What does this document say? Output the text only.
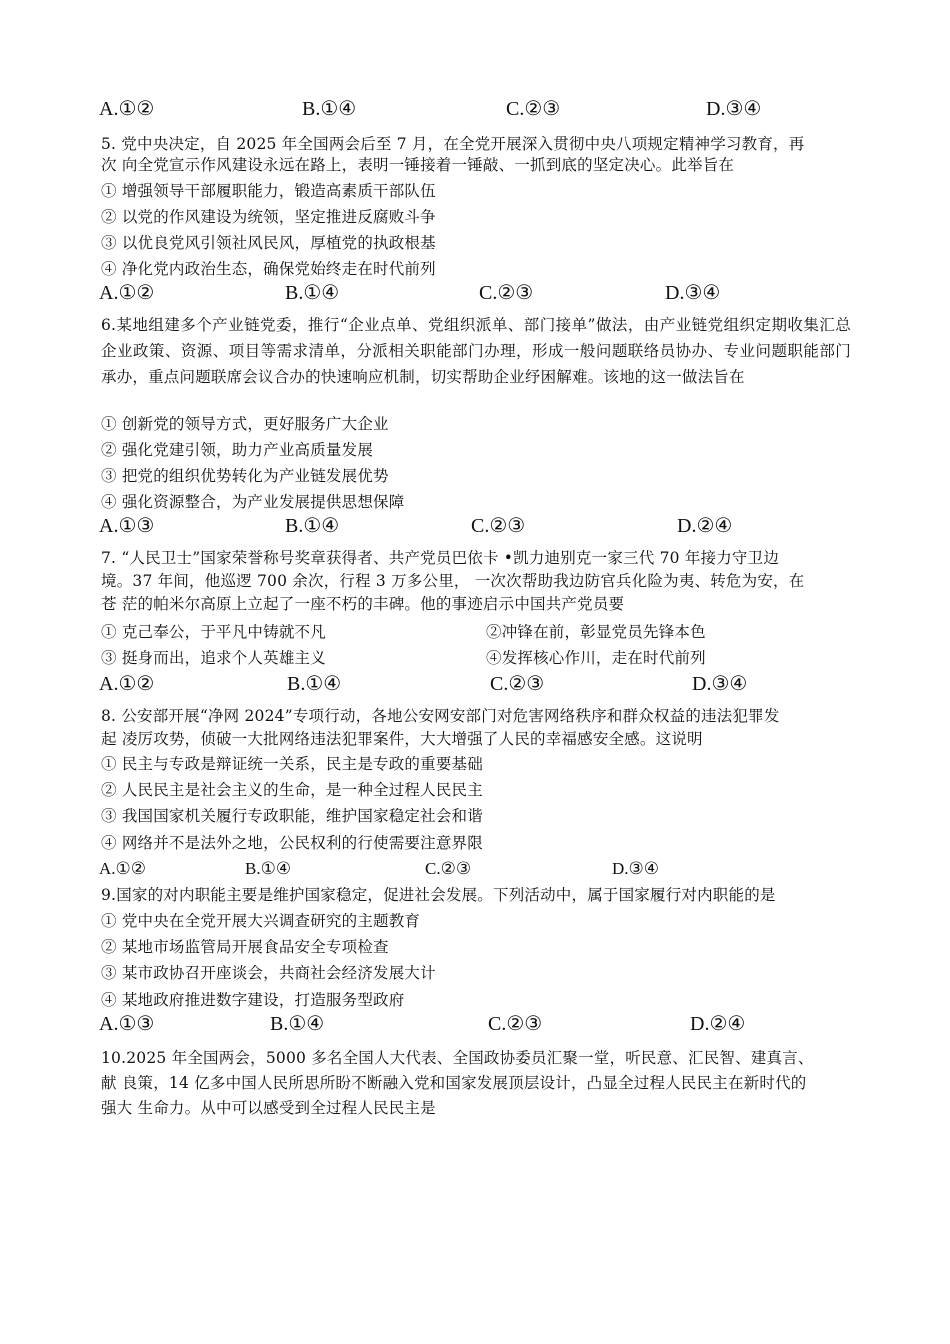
A.①②	B.①④	C.②③	D.③④
5. 党中央决定，自 2025 年全国两会后至 7 月，在全党开展深入贯彻中央八项规定精神学习教育，再
次 向全党宣示作风建设永远在路上，表明一锤接着一锤敲、一抓到底的坚定决心。此举旨在
① 增强领导干部履职能力，锻造高素质干部队伍
② 以党的作风建设为统领，坚定推进反腐败斗争
③ 以优良党风引领社风民风，厚植党的执政根基
④ 净化党内政治生态，确保党始终走在时代前列
A.①②	B.①④	C.②③	D.③④
6.某地组建多个产业链党委，推行“企业点单、党组织派单、部门接单”做法，由产业链党组织定期收集汇总企业政策、资源、项目等需求清单，分派相关职能部门办理，形成一般问题联络员协办、专业问题职能部门承办，重点问题联席会议合办的快速响应机制，切实帮助企业纾困解难。该地的这一做法旨在
① 创新党的领导方式，更好服务广大企业
② 强化党建引领，助力产业高质量发展
③ 把党的组织优势转化为产业链发展优势
④ 强化资源整合，为产业发展提供思想保障
A.①③	B.①④	C.②③	D.②④
7. “人民卫士”国家荣誉称号奖章获得者、共产党员巴依卡 •凯力迪别克一家三代 70 年接力守卫边
境。37 年间，他巡逻 700 余次，行程 3 万多公里， 一次次帮助我边防官兵化险为夷、转危为安，在
苍 茫的帕米尔高原上立起了一座不朽的丰碑。他的事迹启示中国共产党员要
① 克己奉公，于平凡中铸就不凡	②冲锋在前，彰显党员先锋本色
③ 挺身而出，追求个人英雄主义	④发挥核心作川，走在时代前列
A.①②	B.①④	C.②③	D.③④
8. 公安部开展“净网 2024”专项行动，各地公安网安部门对危害网络秩序和群众权益的违法犯罪发
起 凌厉攻势，侦破一大批网络违法犯罪案件，大大增强了人民的幸福感安全感。这说明
① 民主与专政是辩证统一关系，民主是专政的重要基础
② 人民民主是社会主义的生命，是一种全过程人民民主
③ 我国国家机关履行专政职能，维护国家稳定社会和谐
④ 网络并不是法外之地，公民权利的行使需要注意界限
A.①②	B.①④	C.②③	D.③④
9.国家的对内职能主要是维护国家稳定，促进社会发展。下列活动中，属于国家履行对内职能的是
① 党中央在全党开展大兴调查研究的主题教育
② 某地市场监管局开展食品安全专项检查
③ 某市政协召开座谈会，共商社会经济发展大计
④ 某地政府推进数字建设，打造服务型政府
A.①③	B.①④	C.②③	D.②④
10.2025 年全国两会，5000 多名全国人大代表、全国政协委员汇聚一堂，听民意、汇民智、建真言、
献 良策，14 亿多中国人民所思所盼不断融入党和国家发展顶层设计，凸显全过程人民民主在新时代的
强大 生命力。从中可以感受到全过程人民民主是
